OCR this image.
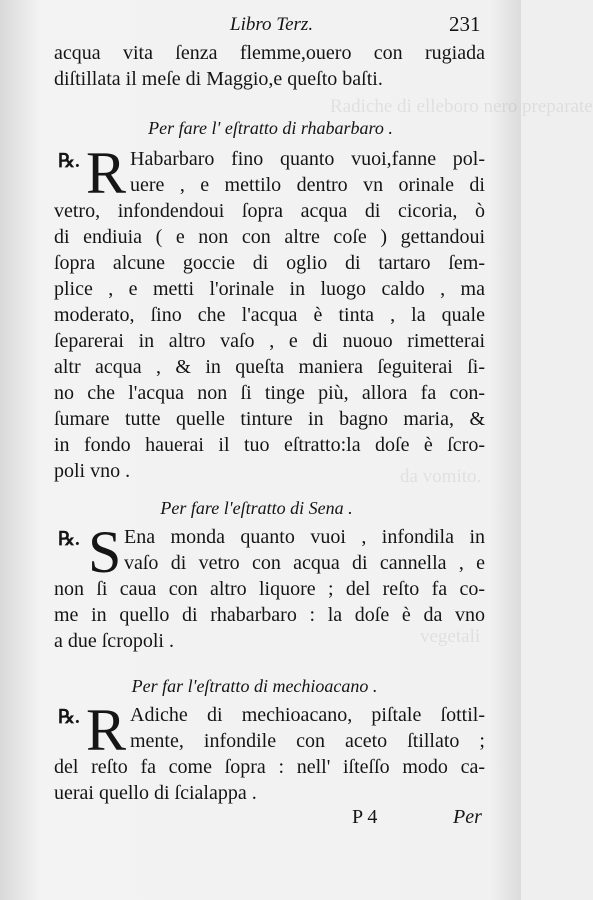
Radiche di elleboro nero preparate
da vomito.
vegetali
Libro Terz.	231
acqua vita ſenza flemme,ouero con rugiada
diſtillata il meſe di Maggio,e queſto baſti.
Per fare l' eſtratto di rhabarbaro .
℞. R Habarbaro fino quanto vuoi,fanne pol-
uere , e mettilo dentro vn orinale di
vetro, infondendoui ſopra acqua di cicoria, ò
di endiuia ( e non con altre coſe ) gettandoui
ſopra alcune goccie di oglio di tartaro ſem-
plice , e metti l'orinale in luogo caldo , ma
moderato, ſino che l'acqua è tinta , la quale
ſeparerai in altro vaſo , e di nuouo rimetterai
altr acqua , & in queſta maniera ſeguiterai ſi-
no che l'acqua non ſi tinge più, allora fa con-
ſumare tutte quelle tinture in bagno maria, &
in fondo hauerai il tuo eſtratto:la doſe è ſcro-
poli vno .
Per fare l'eſtratto di Sena .
℞. S Ena monda quanto vuoi , infondila in
vaſo di vetro con acqua di cannella , e
non ſi caua con altro liquore ; del reſto fa co-
me in quello di rhabarbaro : la doſe è da vno
a due ſcropoli .
Per far l'eſtratto di mechioacano .
℞. R Adiche di mechioacano, piſtale ſottil-
mente, infondile con aceto ſtillato ;
del reſto fa come ſopra : nell' iſteſſo modo ca-
uerai quello di ſcialappa .
P 4	Per
